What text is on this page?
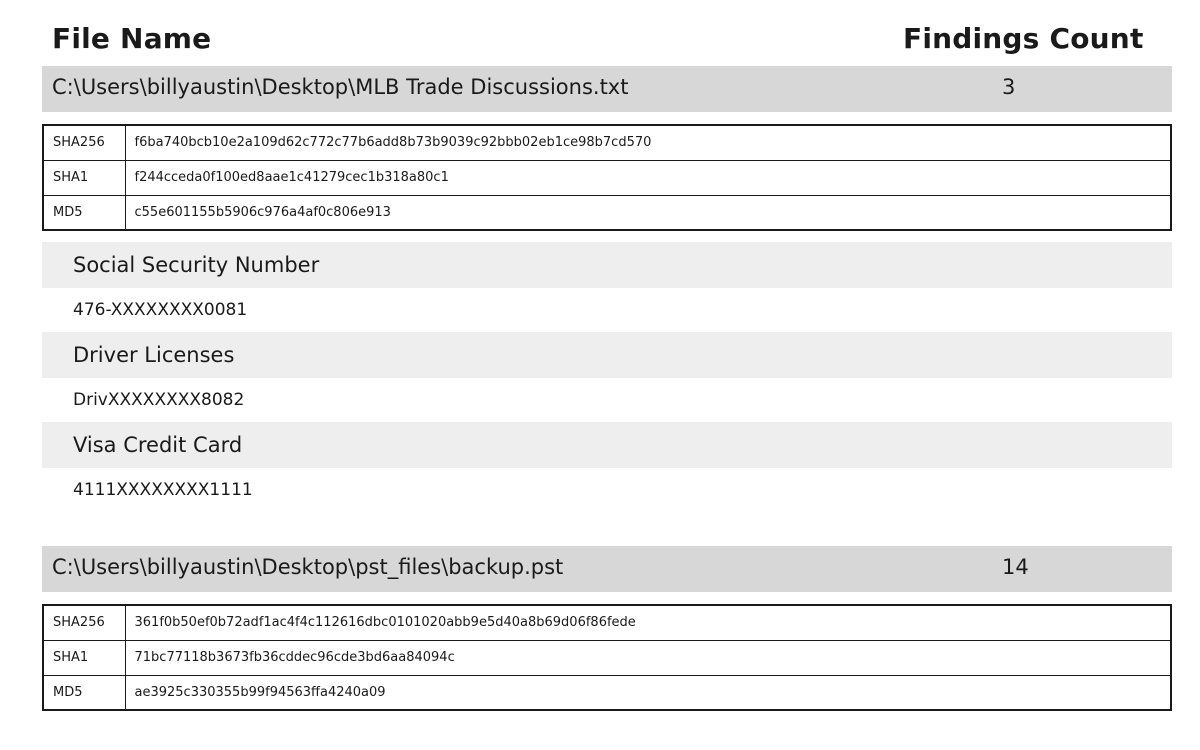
File Name	Findings Count
C:\Users\billyaustin\Desktop\MLB Trade Discussions.txt	3
SHA256	f6ba740bcb10e2a109d62c772c77b6add8b73b9039c92bbb02eb1ce98b7cd570
SHA1	f244cceda0f100ed8aae1c41279cec1b318a80c1
MD5	c55e601155b5906c976a4af0c806e913
Social Security Number
476-XXXXXXXX0081
Driver Licenses
DrivXXXXXXXX8082
Visa Credit Card
4111XXXXXXXX1111
C:\Users\billyaustin\Desktop\pst_files\backup.pst	14
SHA256	361f0b50ef0b72adf1ac4f4c112616dbc0101020abb9e5d40a8b69d06f86fede
SHA1	71bc77118b3673fb36cddec96cde3bd6aa84094c
MD5	ae3925c330355b99f94563ffa4240a09
